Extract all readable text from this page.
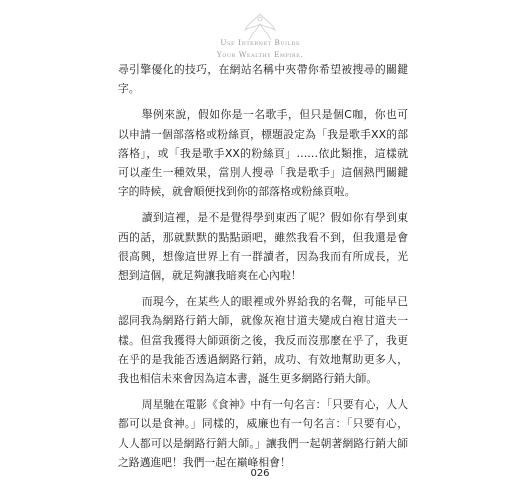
Use Internet Builds
Your Wealthy Empire.

尋引擎優化的技巧，在網站名稱中夾帶你希望被搜尋的關鍵字。

舉例來說，假如你是一名歌手，但只是個C咖，你也可以申請一個部落格或粉絲頁，標題設定為「我是歌手XX的部落格」，或「我是歌手XX的粉絲頁」……依此類推，這樣就可以產生一種效果，當別人搜尋「我是歌手」這個熱門關鍵字的時候，就會順便找到你的部落格或粉絲頁啦。

讀到這裡，是不是覺得學到東西了呢？假如你有學到東西的話，那就默默的點點頭吧，雖然我看不到，但我還是會很高興，想像這世界上有一群讀者，因為我而有所成長，光想到這個，就足夠讓我暗爽在心內啦！

而現今，在某些人的眼裡或外界給我的名聲，可能早已認同我為網路行銷大師，就像灰袍甘道夫變成白袍甘道夫一樣。但當我獲得大師頭銜之後，我反而沒那麼在乎了，我更在乎的是我能否透過網路行銷，成功、有效地幫助更多人，我也相信未來會因為這本書，誕生更多網路行銷大師。

周星馳在電影《食神》中有一句名言：「只要有心，人人都可以是食神。」同樣的，威廉也有一句名言：「只要有心，人人都可以是網路行銷大師。」讓我們一起朝著網路行銷大師之路邁進吧！我們一起在巔峰相會！

026
